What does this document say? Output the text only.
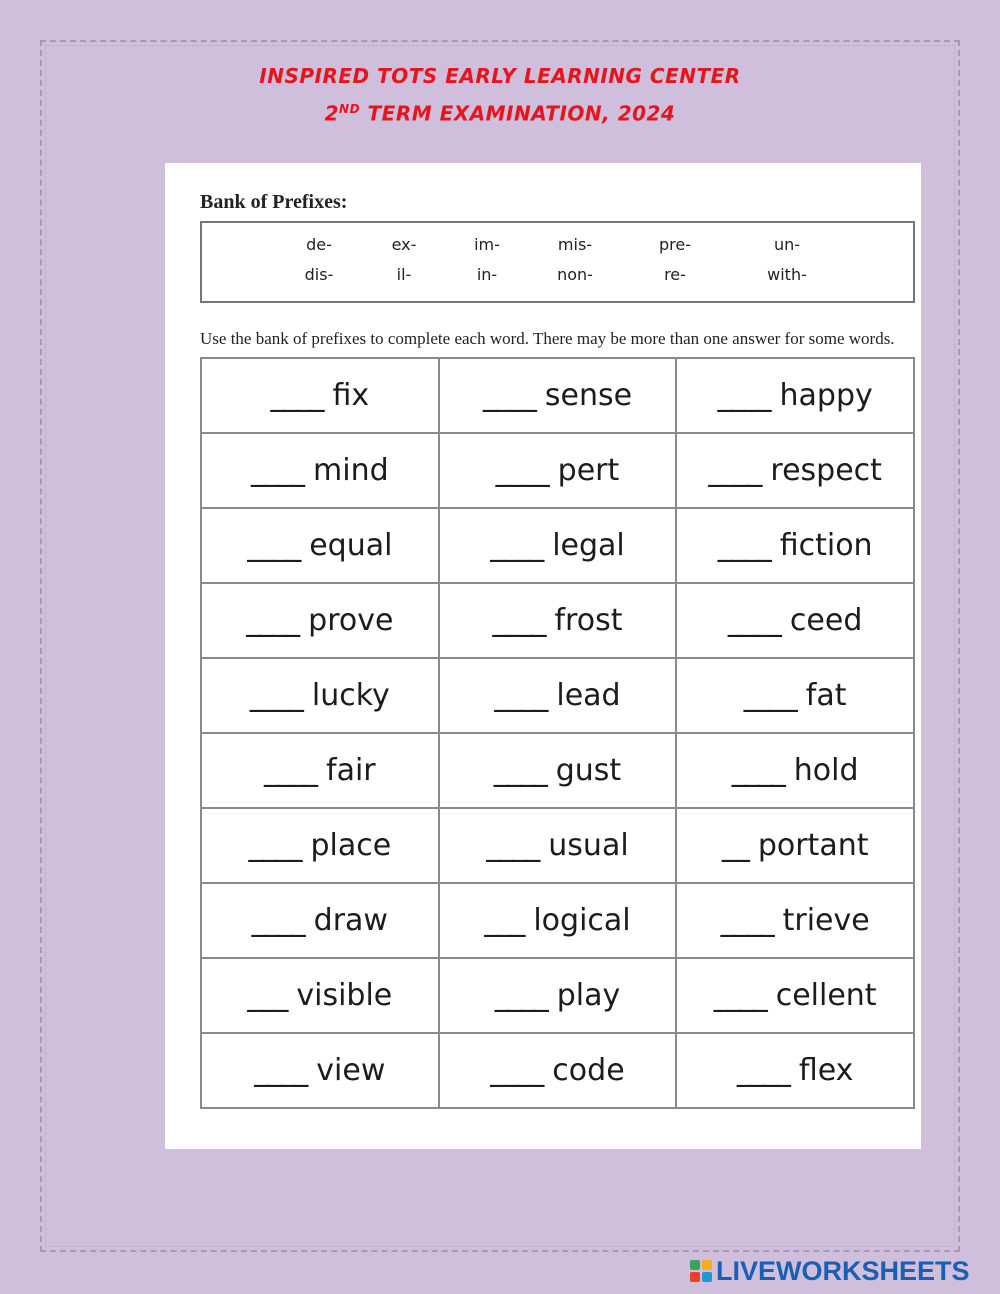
INSPIRED TOTS EARLY LEARNING CENTER
2ND TERM EXAMINATION, 2024
Bank of Prefixes:
de-	ex-	im-	mis-	pre-	un-
dis-	il-	in-	non-	re-	with-
Use the bank of prefixes to complete each word. There may be more than one answer for some words.
____ fix	____ sense	____ happy
____ mind	____ pert	____ respect
____ equal	____ legal	____ fiction
____ prove	____ frost	____ ceed
____ lucky	____ lead	____ fat
____ fair	____ gust	____ hold
____ place	____ usual	__ portant
____ draw	___ logical	____ trieve
___ visible	____ play	____ cellent
____ view	____ code	____ flex
LIVEWORKSHEETS
